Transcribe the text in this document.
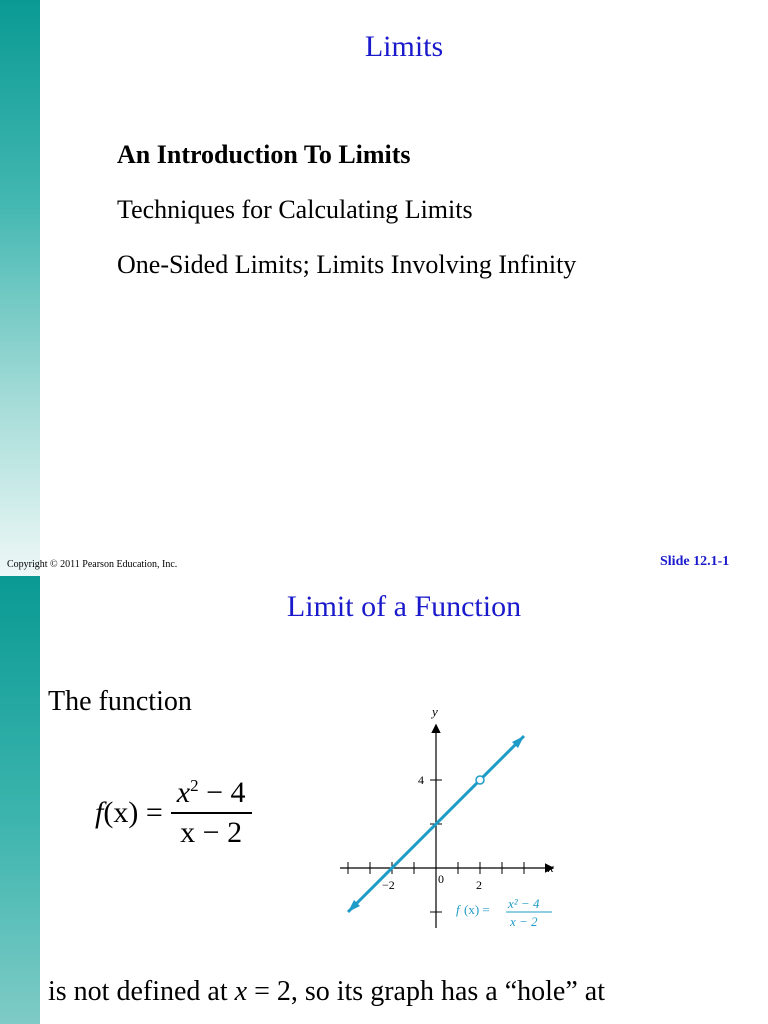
Limits
An Introduction To Limits
Techniques for Calculating Limits
One-Sided Limits; Limits Involving Infinity
Copyright © 2011 Pearson Education, Inc.	Slide 12.1-1
Limit of a Function
The function
f $(x) = \frac{x^2 - 4}{x - 2}$
x
y
−2	0	2
4
f (x) = x² − 4
x − 2
is not defined at x = 2, so its graph has a “hole” at
